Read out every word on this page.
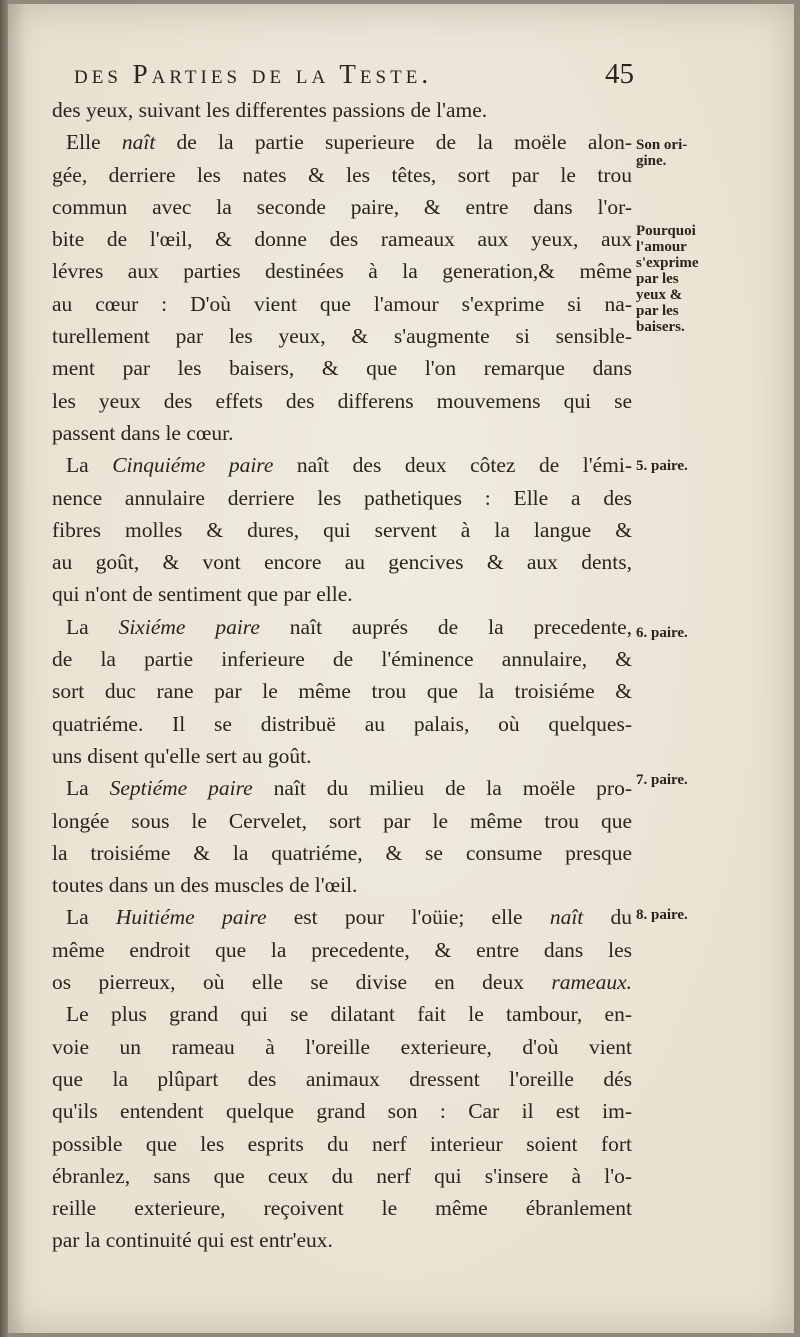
des Parties de la Teste.	45
des yeux, suivant les differentes passions de l'ame.
Elle naît de la partie superieure de la moële alon-
gée, derriere les nates & les têtes, sort par le trou
commun avec la seconde paire, & entre dans l'or-
bite de l'œil, & donne des rameaux aux yeux, aux
lévres aux parties destinées à la generation,& même
au cœur : D'où vient que l'amour s'exprime si na-
turellement par les yeux, & s'augmente si sensible-
ment par les baisers, & que l'on remarque dans
les yeux des effets des differens mouvemens qui se
passent dans le cœur.
La Cinquiéme paire naît des deux côtez de l'émi-
nence annulaire derriere les pathetiques : Elle a des
fibres molles & dures, qui servent à la langue &
au goût, & vont encore au gencives & aux dents,
qui n'ont de sentiment que par elle.
La Sixiéme paire naît auprés de la precedente,
de la partie inferieure de l'éminence annulaire, &
sort duc rane par le même trou que la troisiéme &
quatriéme. Il se distribuë au palais, où quelques-
uns disent qu'elle sert au goût.
La Septiéme paire naît du milieu de la moële pro-
longée sous le Cervelet, sort par le même trou que
la troisiéme & la quatriéme, & se consume presque
toutes dans un des muscles de l'œil.
La Huitiéme paire est pour l'oüie; elle naît du
même endroit que la precedente, & entre dans les
os pierreux, où elle se divise en deux rameaux.
Le plus grand qui se dilatant fait le tambour, en-
voie un rameau à l'oreille exterieure, d'où vient
que la plûpart des animaux dressent l'oreille dés
qu'ils entendent quelque grand son : Car il est im-
possible que les esprits du nerf interieur soient fort
ébranlez, sans que ceux du nerf qui s'insere à l'o-
reille exterieure, reçoivent le même ébranlement
par la continuité qui est entr'eux.
Son ori-
gine.
Pourquoi
l'amour
s'exprime
par les
yeux &
par les
baisers.
5. paire.
6. paire.
7. paire.
8. paire.
